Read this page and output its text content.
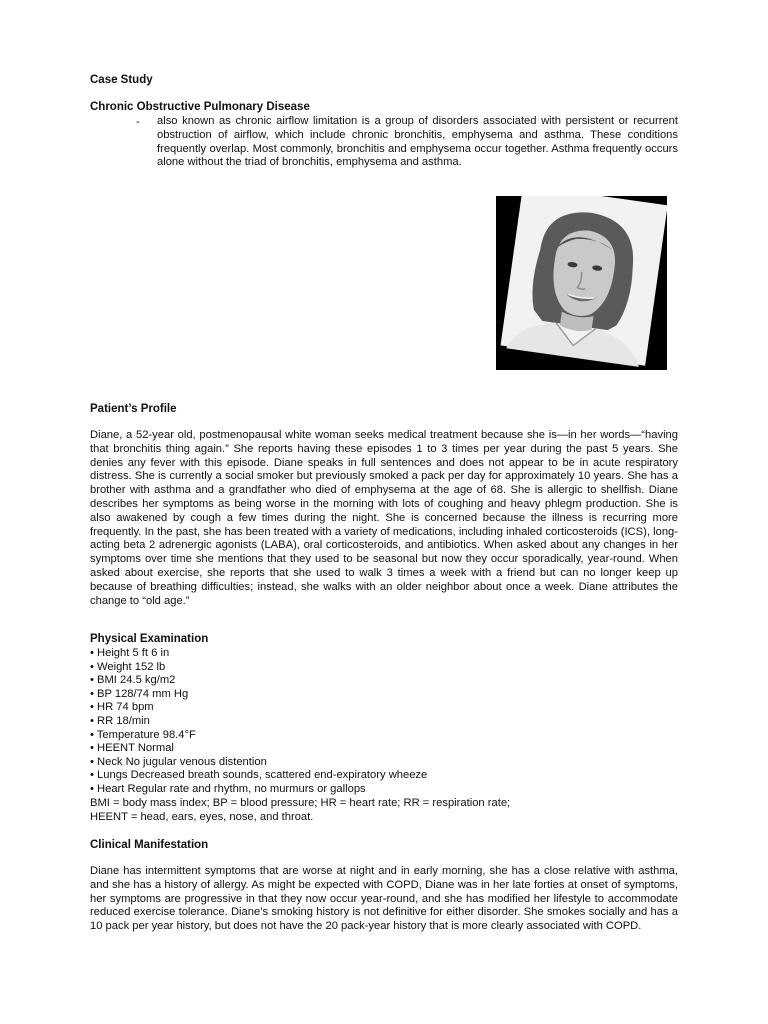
Case Study
Chronic Obstructive Pulmonary Disease
- also known as chronic airflow limitation is a group of disorders associated with persistent or recurrent obstruction of airflow, which include chronic bronchitis, emphysema and asthma. These conditions frequently overlap. Most commonly, bronchitis and emphysema occur together. Asthma frequently occurs alone without the triad of bronchitis, emphysema and asthma.

Patient’s Profile

Diane, a 52-year old, postmenopausal white woman seeks medical treatment because she is—in her words—“having that bronchitis thing again.” She reports having these episodes 1 to 3 times per year during the past 5 years. She denies any fever with this episode. Diane speaks in full sentences and does not appear to be in acute respiratory distress. She is currently a social smoker but previously smoked a pack per day for approximately 10 years. She has a brother with asthma and a grandfather who died of emphysema at the age of 68. She is allergic to shellfish. Diane describes her symptoms as being worse in the morning with lots of coughing and heavy phlegm production. She is also awakened by cough a few times during the night. She is concerned because the illness is recurring more frequently. In the past, she has been treated with a variety of medications, including inhaled corticosteroids (ICS), long-acting beta 2 adrenergic agonists (LABA), oral corticosteroids, and antibiotics. When asked about any changes in her symptoms over time she mentions that they used to be seasonal but now they occur sporadically, year-round. When asked about exercise, she reports that she used to walk 3 times a week with a friend but can no longer keep up because of breathing difficulties; instead, she walks with an older neighbor about once a week. Diane attributes the change to “old age.”

Physical Examination
• Height 5 ft 6 in
• Weight 152 lb
• BMI 24.5 kg/m2
• BP 128/74 mm Hg
• HR 74 bpm
• RR 18/min
• Temperature 98.4°F
• HEENT Normal
• Neck No jugular venous distention
• Lungs Decreased breath sounds, scattered end-expiratory wheeze
• Heart Regular rate and rhythm, no murmurs or gallops

BMI = body mass index; BP = blood pressure; HR = heart rate; RR = respiration rate;

HEENT = head, ears, eyes, nose, and throat.

Clinical Manifestation

Diane has intermittent symptoms that are worse at night and in early morning, she has a close relative with asthma, and she has a history of allergy. As might be expected with COPD, Diane was in her late forties at onset of symptoms, her symptoms are progressive in that they now occur year-round, and she has modified her lifestyle to accommodate reduced exercise tolerance. Diane’s smoking history is not definitive for either disorder. She smokes socially and has a 10 pack per year history, but does not have the 20 pack-year history that is more clearly associated with COPD.
